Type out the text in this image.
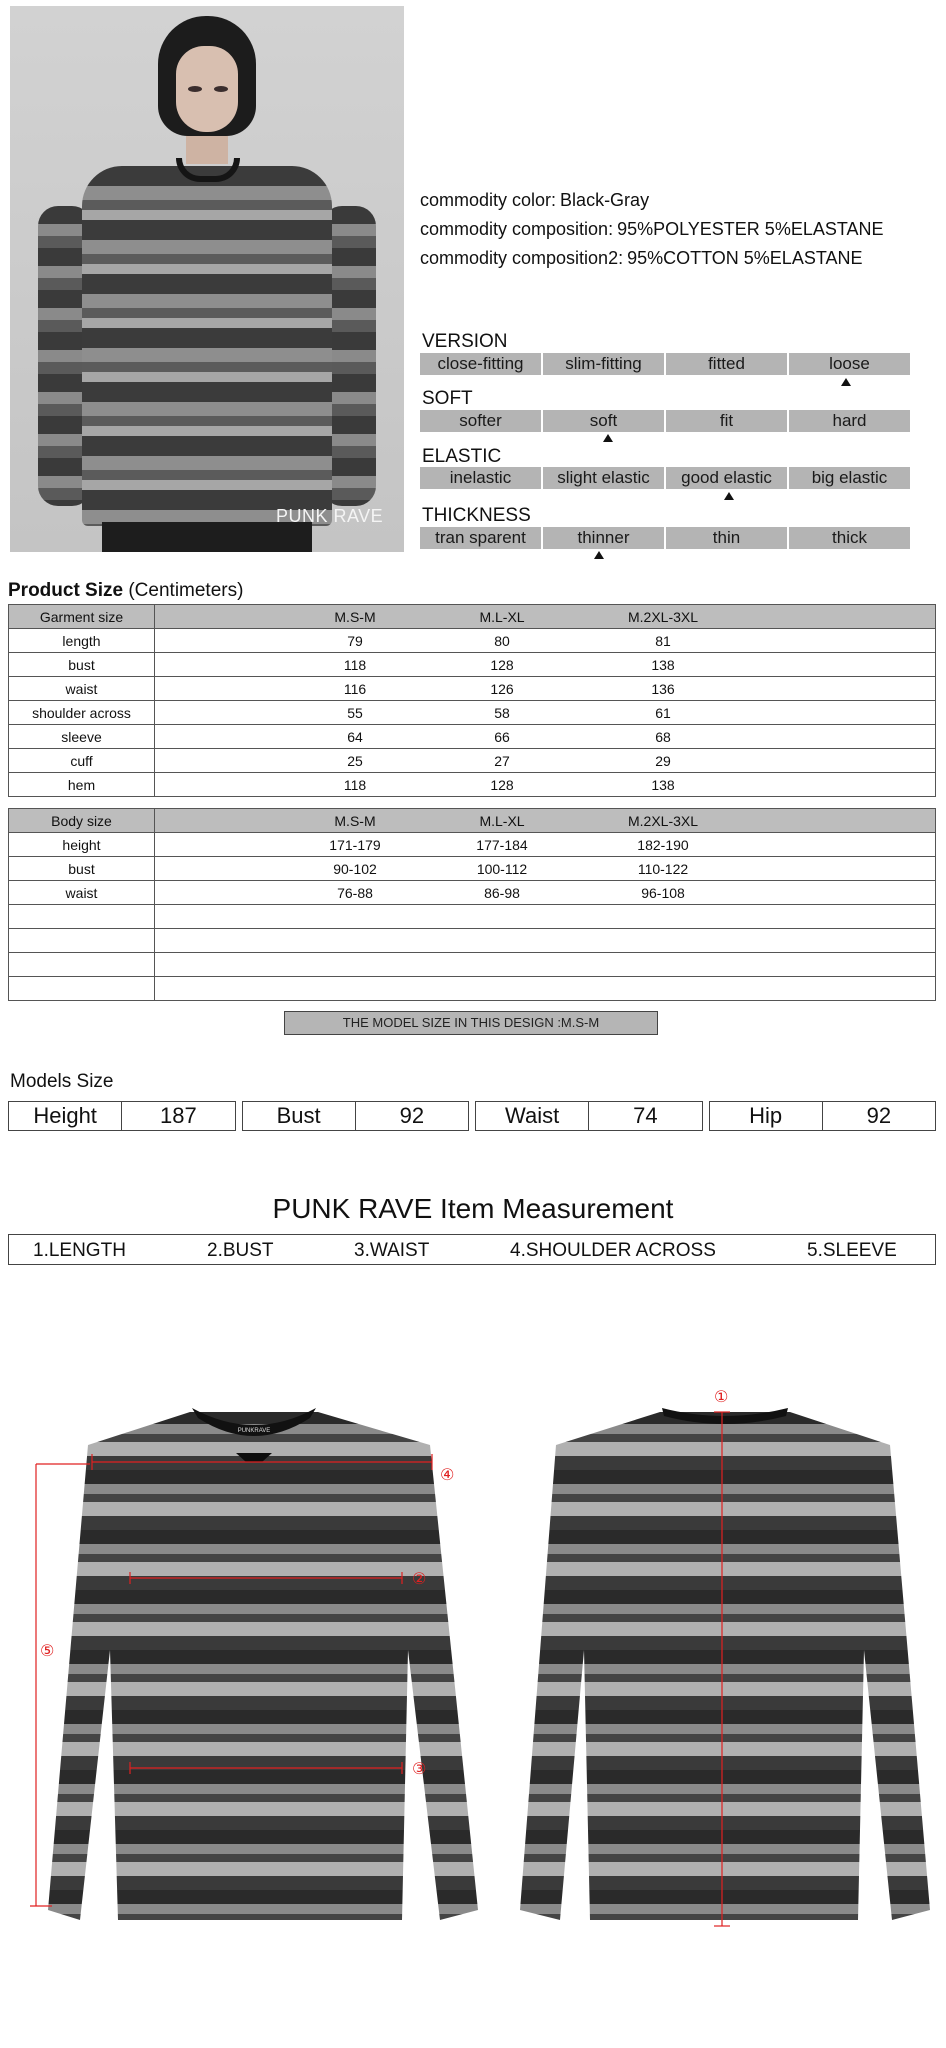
PUNK RAVE
commodity color: Black-Gray
commodity composition: 95%POLYESTER 5%ELASTANE
commodity composition2: 95%COTTON 5%ELASTANE
VERSION
close-fitting	slim-fitting	fitted	loose
SOFT
softer	soft	fit	hard
ELASTIC
inelastic	slight elastic	good elastic	big elastic
THICKNESS
tran sparent	thinner	thin	thick
Product Size (Centimeters)
Garment size	M.S-M M.L-XL M.2XL-3XL

length	79 80 81

bust	118 128 138

waist	116 126 136

shoulder across	55 58 61

sleeve	64 66 68

cuff	25 27 29

hem	118 128 138
Body size	M.S-M M.L-XL M.2XL-3XL

height	171-179 177-184 182-190

bust	90-102 100-112 110-122

waist	76-88 86-98 96-108

THE MODEL SIZE IN THIS DESIGN :M.S-M
Models Size
Height	187	Bust	92	Waist	74	Hip	92
PUNK RAVE Item Measurement
1.LENGTH	2.BUST	3.WAIST	4.SHOULDER ACROSS	5.SLEEVE
PUNKRAVE
①
②
③
④
⑤
